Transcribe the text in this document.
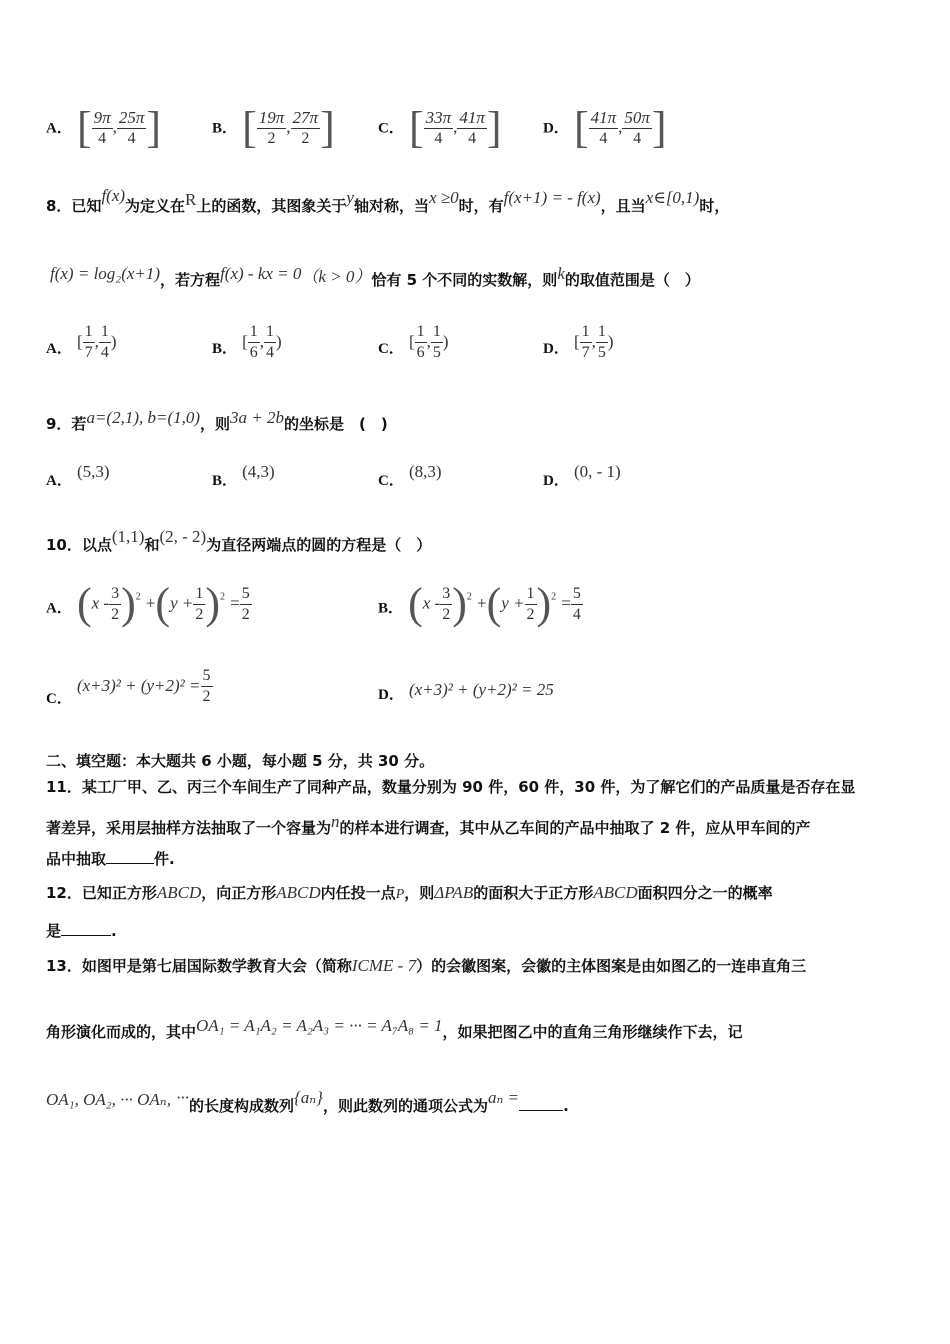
A． [ $\frac{9\pi}{4}$ , $\frac{25\pi}{4}$ ]	B． [ $\frac{19\pi}{2}$ , $\frac{27\pi}{2}$ ]	C． [ $\frac{33\pi}{4}$ , $\frac{41\pi}{4}$ ]	D． [ $\frac{41\pi}{4}$ , $\frac{50\pi}{4}$ ]
8．已知f(x)为定义在R上的函数，其图象关于y轴对称，当x ≥0时，有f(x+1) = - f(x)，且当x∈[0,1)时，
f(x) = log₂(x+1)，若方程f(x) - kx = 0（k > 0）恰有 5 个不同的实数解，则k的取值范围是（　）
A． [ $\frac{1}{7}$ , $\frac{1}{4}$ )	B． [ $\frac{1}{6}$ , $\frac{1}{4}$ )	C． [ $\frac{1}{6}$ , $\frac{1}{5}$ )	D． [ $\frac{1}{7}$ , $\frac{1}{5}$ )
9．若a=(2,1), b=(1,0)，则3a + 2b的坐标是　(　)
A． (5,3)	B． (4,3)	C． (8,3)	D． (0, - 1)
10．以点(1,1)和(2, - 2)为直径两端点的圆的方程是（　）
A． $(x - \frac{3}{2} )^2 +(y + \frac{1}{2} )^2 = \frac{5}{2}$	B． $(x - \frac{3}{2} )^2 +(y + \frac{1}{2} )^2 = \frac{5}{4}$
C． $(x+3)^2 + (y+2)^2 = \frac{5}{2}$	D． (x+3)² + (y+2)² = 25
二、填空题：本大题共 6 小题，每小题 5 分，共 30 分。
11．某工厂甲、乙、丙三个车间生产了同种产品，数量分别为 90 件，60 件，30 件，为了解它们的产品质量是否存在显
著差异，采用层抽样方法抽取了一个容量为n的样本进行调查，其中从乙车间的产品中抽取了 2 件，应从甲车间的产
品中抽取	件.
12．已知正方形ABCD，向正方形ABCD内任投一点P，则ΔPAB的面积大于正方形ABCD面积四分之一的概率
是	.
13．如图甲是第七届国际数学教育大会（简称ICME - 7）的会徽图案，会徽的主体图案是由如图乙的一连串直角三
角形演化而成的，其中OA₁ = A₁A₂ = A₂A₃ = ··· = A₇A₈ = 1，如果把图乙中的直角三角形继续作下去，记
OA₁, OA₂, ··· OAₙ, ···的长度构成数列{aₙ}，则此数列的通项公式为aₙ =	.
